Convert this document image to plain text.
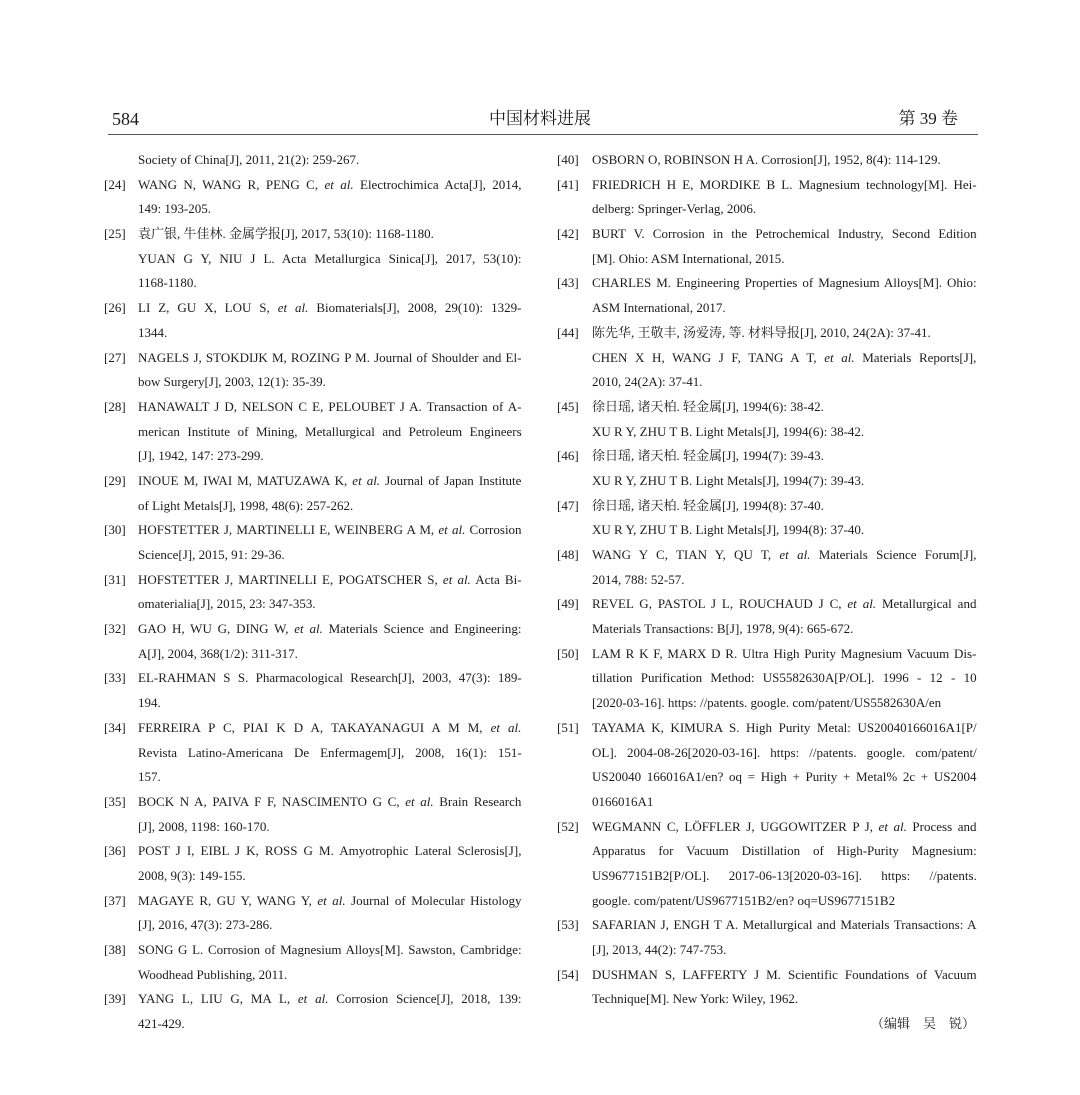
584	中国材料进展	第 39 卷
Society of China[J], 2011, 21(2): 259-267.
[24] WANG N, WANG R, PENG C, et al. Electrochimica Acta[J], 2014,
149: 193-205.
[25] 袁广银, 牛佳林. 金属学报[J], 2017, 53(10): 1168-1180.
YUAN G Y, NIU J L. Acta Metallurgica Sinica[J], 2017, 53(10):
1168-1180.
[26] LI Z, GU X, LOU S, et al. Biomaterials[J], 2008, 29(10): 1329-
1344.
[27] NAGELS J, STOKDIJK M, ROZING P M. Journal of Shoulder and El-
bow Surgery[J], 2003, 12(1): 35-39.
[28] HANAWALT J D, NELSON C E, PELOUBET J A. Transaction of A-
merican Institute of Mining, Metallurgical and Petroleum Engineers
[J], 1942, 147: 273-299.
[29] INOUE M, IWAI M, MATUZAWA K, et al. Journal of Japan Institute
of Light Metals[J], 1998, 48(6): 257-262.
[30] HOFSTETTER J, MARTINELLI E, WEINBERG A M, et al. Corrosion
Science[J], 2015, 91: 29-36.
[31] HOFSTETTER J, MARTINELLI E, POGATSCHER S, et al. Acta Bi-
omaterialia[J], 2015, 23: 347-353.
[32] GAO H, WU G, DING W, et al. Materials Science and Engineering:
A[J], 2004, 368(1/2): 311-317.
[33] EL-RAHMAN S S. Pharmacological Research[J], 2003, 47(3): 189-
194.
[34] FERREIRA P C, PIAI K D A, TAKAYANAGUI A M M, et al.
Revista Latino-Americana De Enfermagem[J], 2008, 16(1): 151-
157.
[35] BOCK N A, PAIVA F F, NASCIMENTO G C, et al. Brain Research
[J], 2008, 1198: 160-170.
[36] POST J I, EIBL J K, ROSS G M. Amyotrophic Lateral Sclerosis[J],
2008, 9(3): 149-155.
[37] MAGAYE R, GU Y, WANG Y, et al. Journal of Molecular Histology
[J], 2016, 47(3): 273-286.
[38] SONG G L. Corrosion of Magnesium Alloys[M]. Sawston, Cambridge:
Woodhead Publishing, 2011.
[39] YANG L, LIU G, MA L, et al. Corrosion Science[J], 2018, 139:
421-429.
[40] OSBORN O, ROBINSON H A. Corrosion[J], 1952, 8(4): 114-129.
[41] FRIEDRICH H E, MORDIKE B L. Magnesium technology[M]. Hei-
delberg: Springer-Verlag, 2006.
[42] BURT V. Corrosion in the Petrochemical Industry, Second Edition
[M]. Ohio: ASM International, 2015.
[43] CHARLES M. Engineering Properties of Magnesium Alloys[M]. Ohio:
ASM International, 2017.
[44] 陈先华, 王敬丰, 汤爱涛, 等. 材料导报[J], 2010, 24(2A): 37-41.
CHEN X H, WANG J F, TANG A T, et al. Materials Reports[J],
2010, 24(2A): 37-41.
[45] 徐日瑶, 诸天柏. 轻金属[J], 1994(6): 38-42.
XU R Y, ZHU T B. Light Metals[J], 1994(6): 38-42.
[46] 徐日瑶, 诸天柏. 轻金属[J], 1994(7): 39-43.
XU R Y, ZHU T B. Light Metals[J], 1994(7): 39-43.
[47] 徐日瑶, 诸天柏. 轻金属[J], 1994(8): 37-40.
XU R Y, ZHU T B. Light Metals[J], 1994(8): 37-40.
[48] WANG Y C, TIAN Y, QU T, et al. Materials Science Forum[J],
2014, 788: 52-57.
[49] REVEL G, PASTOL J L, ROUCHAUD J C, et al. Metallurgical and
Materials Transactions: B[J], 1978, 9(4): 665-672.
[50] LAM R K F, MARX D R. Ultra High Purity Magnesium Vacuum Dis-
tillation Purification Method: US5582630A[P/OL]. 1996 - 12 - 10
[2020-03-16]. https: //patents. google. com/patent/US5582630A/en
[51] TAYAMA K, KIMURA S. High Purity Metal: US20040166016A1[P/
OL]. 2004-08-26[2020-03-16]. https: //patents. google. com/patent/
US20040 166016A1/en? oq = High + Purity + Metal% 2c + US2004
0166016A1
[52] WEGMANN C, LÖFFLER J, UGGOWITZER P J, et al. Process and
Apparatus for Vacuum Distillation of High-Purity Magnesium:
US9677151B2[P/OL]. 2017-06-13[2020-03-16]. https: //patents.
google. com/patent/US9677151B2/en? oq=US9677151B2
[53] SAFARIAN J, ENGH T A. Metallurgical and Materials Transactions: A
[J], 2013, 44(2): 747-753.
[54] DUSHMAN S, LAFFERTY J M. Scientific Foundations of Vacuum
Technique[M]. New York: Wiley, 1962.
（编辑　吴　锐）
